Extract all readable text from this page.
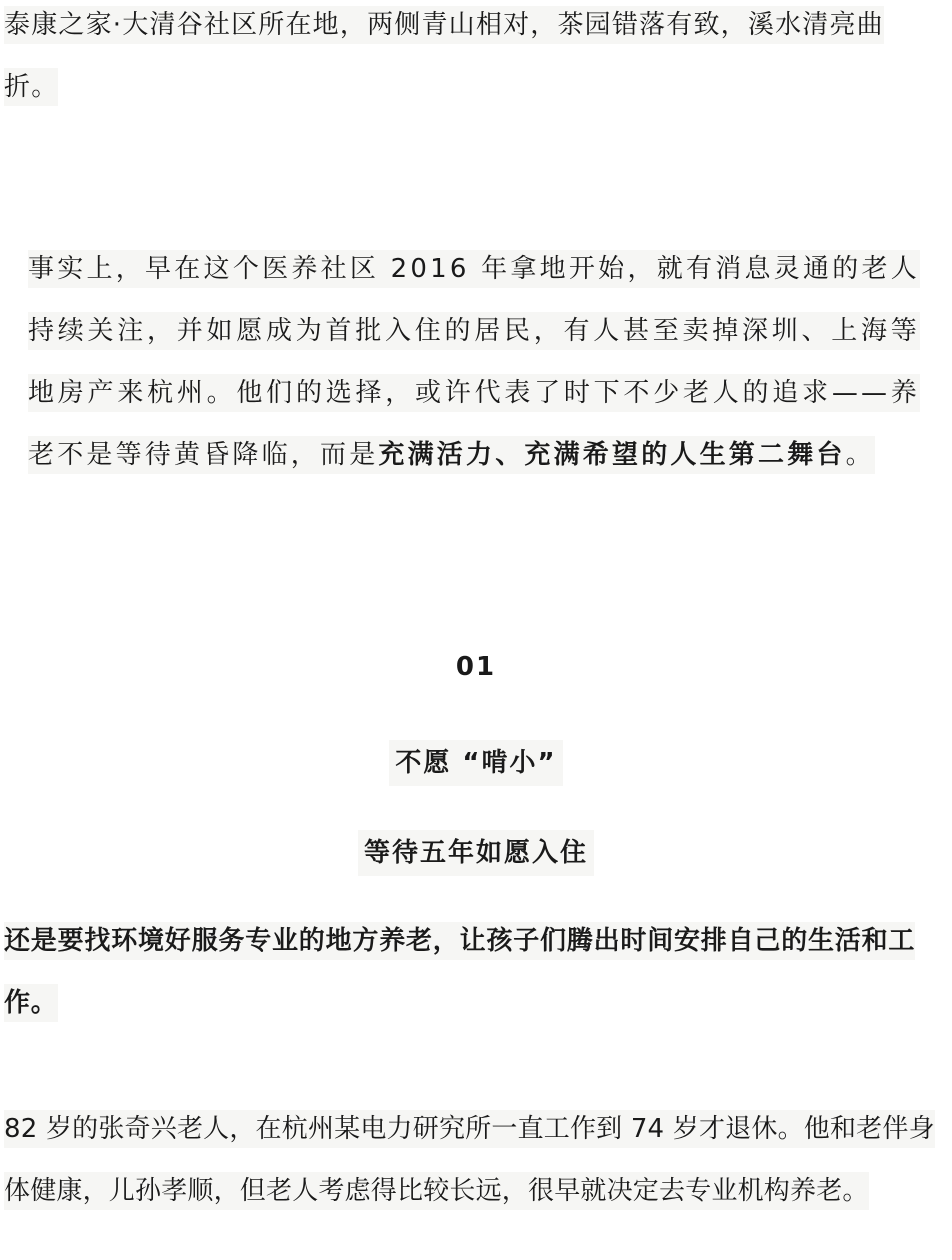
泰康之家·大清谷社区所在地，两侧青山相对，茶园错落有致，溪水清亮曲折。

事实上，早在这个医养社区 2016 年拿地开始，就有消息灵通的老人持续关注，并如愿成为首批入住的居民，有人甚至卖掉深圳、上海等地房产来杭州。他们的选择，或许代表了时下不少老人的追求——养老不是等待黄昏降临，而是充满活力、充满希望的人生第二舞台。

01

不愿 “啃小”

等待五年如愿入住

还是要找环境好服务专业的地方养老，让孩子们腾出时间安排自己的生活和工作。

82 岁的张奇兴老人，在杭州某电力研究所一直工作到 74 岁才退休。他和老伴身体健康，儿孙孝顺，但老人考虑得比较长远，很早就决定去专业机构养老。
